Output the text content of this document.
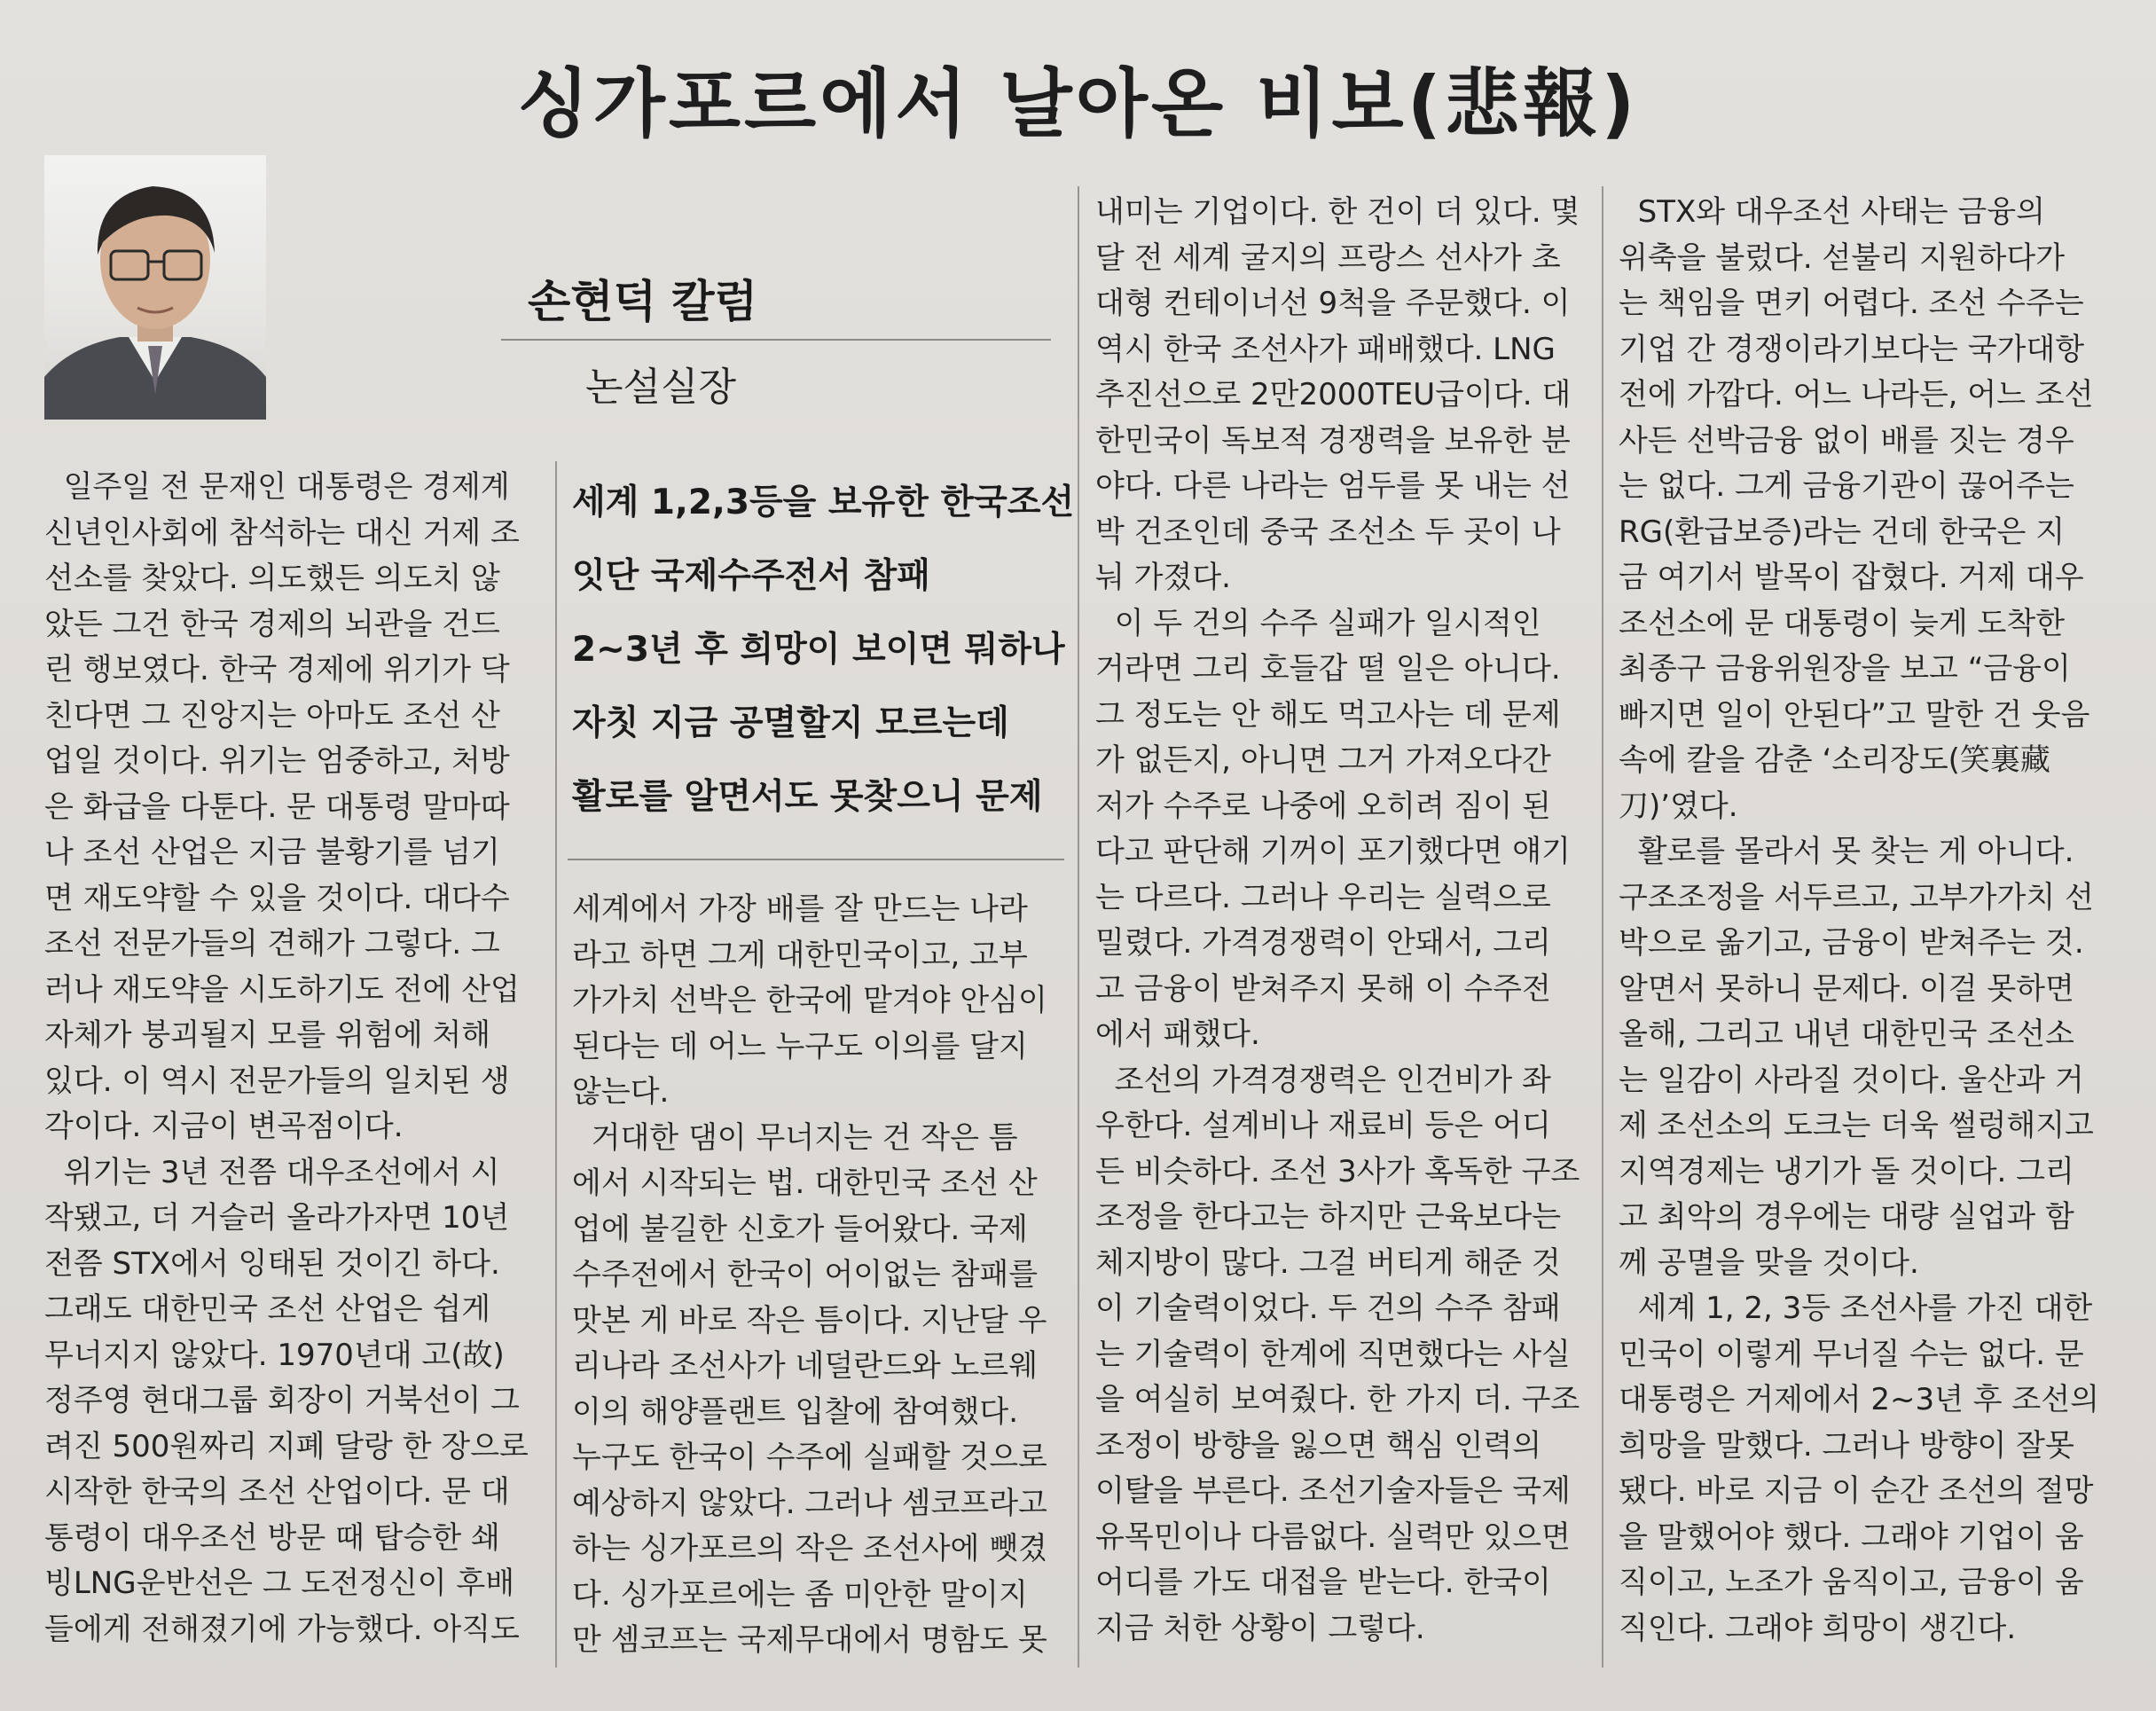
싱가포르에서 날아온 비보(悲報)
손현덕 칼럼
논설실장
세계 1,2,3등을 보유한 한국조선
잇단 국제수주전서 참패
2~3년 후 희망이 보이면 뭐하나
자칫 지금 공멸할지 모르는데
활로를 알면서도 못찾으니 문제

일주일 전 문재인 대통령은 경제계

신년인사회에 참석하는 대신 거제 조

선소를 찾았다. 의도했든 의도치 않

았든 그건 한국 경제의 뇌관을 건드

린 행보였다. 한국 경제에 위기가 닥

친다면 그 진앙지는 아마도 조선 산

업일 것이다. 위기는 엄중하고, 처방

은 화급을 다툰다. 문 대통령 말마따

나 조선 산업은 지금 불황기를 넘기

면 재도약할 수 있을 것이다. 대다수

조선 전문가들의 견해가 그렇다. 그

러나 재도약을 시도하기도 전에 산업

자체가 붕괴될지 모를 위험에 처해

있다. 이 역시 전문가들의 일치된 생

각이다. 지금이 변곡점이다.

위기는 3년 전쯤 대우조선에서 시

작됐고, 더 거슬러 올라가자면 10년

전쯤 STX에서 잉태된 것이긴 하다.

그래도 대한민국 조선 산업은 쉽게

무너지지 않았다. 1970년대 고(故)

정주영 현대그룹 회장이 거북선이 그

려진 500원짜리 지폐 달랑 한 장으로

시작한 한국의 조선 산업이다. 문 대

통령이 대우조선 방문 때 탑승한 쇄

빙LNG운반선은 그 도전정신이 후배

들에게 전해졌기에 가능했다. 아직도

세계에서 가장 배를 잘 만드는 나라

라고 하면 그게 대한민국이고, 고부

가가치 선박은 한국에 맡겨야 안심이

된다는 데 어느 누구도 이의를 달지

않는다.

거대한 댐이 무너지는 건 작은 틈

에서 시작되는 법. 대한민국 조선 산

업에 불길한 신호가 들어왔다. 국제

수주전에서 한국이 어이없는 참패를

맛본 게 바로 작은 틈이다. 지난달 우

리나라 조선사가 네덜란드와 노르웨

이의 해양플랜트 입찰에 참여했다.

누구도 한국이 수주에 실패할 것으로

예상하지 않았다. 그러나 셈코프라고

하는 싱가포르의 작은 조선사에 뺏겼

다. 싱가포르에는 좀 미안한 말이지

만 셈코프는 국제무대에서 명함도 못

내미는 기업이다. 한 건이 더 있다. 몇

달 전 세계 굴지의 프랑스 선사가 초

대형 컨테이너선 9척을 주문했다. 이

역시 한국 조선사가 패배했다. LNG

추진선으로 2만2000TEU급이다. 대

한민국이 독보적 경쟁력을 보유한 분

야다. 다른 나라는 엄두를 못 내는 선

박 건조인데 중국 조선소 두 곳이 나

눠 가졌다.

이 두 건의 수주 실패가 일시적인

거라면 그리 호들갑 떨 일은 아니다.

그 정도는 안 해도 먹고사는 데 문제

가 없든지, 아니면 그거 가져오다간

저가 수주로 나중에 오히려 짐이 된

다고 판단해 기꺼이 포기했다면 얘기

는 다르다. 그러나 우리는 실력으로

밀렸다. 가격경쟁력이 안돼서, 그리

고 금융이 받쳐주지 못해 이 수주전

에서 패했다.

조선의 가격경쟁력은 인건비가 좌

우한다. 설계비나 재료비 등은 어디

든 비슷하다. 조선 3사가 혹독한 구조

조정을 한다고는 하지만 근육보다는

체지방이 많다. 그걸 버티게 해준 것

이 기술력이었다. 두 건의 수주 참패

는 기술력이 한계에 직면했다는 사실

을 여실히 보여줬다. 한 가지 더. 구조

조정이 방향을 잃으면 핵심 인력의

이탈을 부른다. 조선기술자들은 국제

유목민이나 다름없다. 실력만 있으면

어디를 가도 대접을 받는다. 한국이

지금 처한 상황이 그렇다.

STX와 대우조선 사태는 금융의

위축을 불렀다. 섣불리 지원하다가

는 책임을 면키 어렵다. 조선 수주는

기업 간 경쟁이라기보다는 국가대항

전에 가깝다. 어느 나라든, 어느 조선

사든 선박금융 없이 배를 짓는 경우

는 없다. 그게 금융기관이 끊어주는

RG(환급보증)라는 건데 한국은 지

금 여기서 발목이 잡혔다. 거제 대우

조선소에 문 대통령이 늦게 도착한

최종구 금융위원장을 보고 “금융이

빠지면 일이 안된다”고 말한 건 웃음

속에 칼을 감춘 ‘소리장도(笑裏藏

刀)’였다.

활로를 몰라서 못 찾는 게 아니다.

구조조정을 서두르고, 고부가가치 선

박으로 옮기고, 금융이 받쳐주는 것.

알면서 못하니 문제다. 이걸 못하면

올해, 그리고 내년 대한민국 조선소

는 일감이 사라질 것이다. 울산과 거

제 조선소의 도크는 더욱 썰렁해지고

지역경제는 냉기가 돌 것이다. 그리

고 최악의 경우에는 대량 실업과 함

께 공멸을 맞을 것이다.

세계 1, 2, 3등 조선사를 가진 대한

민국이 이렇게 무너질 수는 없다. 문

대통령은 거제에서 2~3년 후 조선의

희망을 말했다. 그러나 방향이 잘못

됐다. 바로 지금 이 순간 조선의 절망

을 말했어야 했다. 그래야 기업이 움

직이고, 노조가 움직이고, 금융이 움

직인다. 그래야 희망이 생긴다.
